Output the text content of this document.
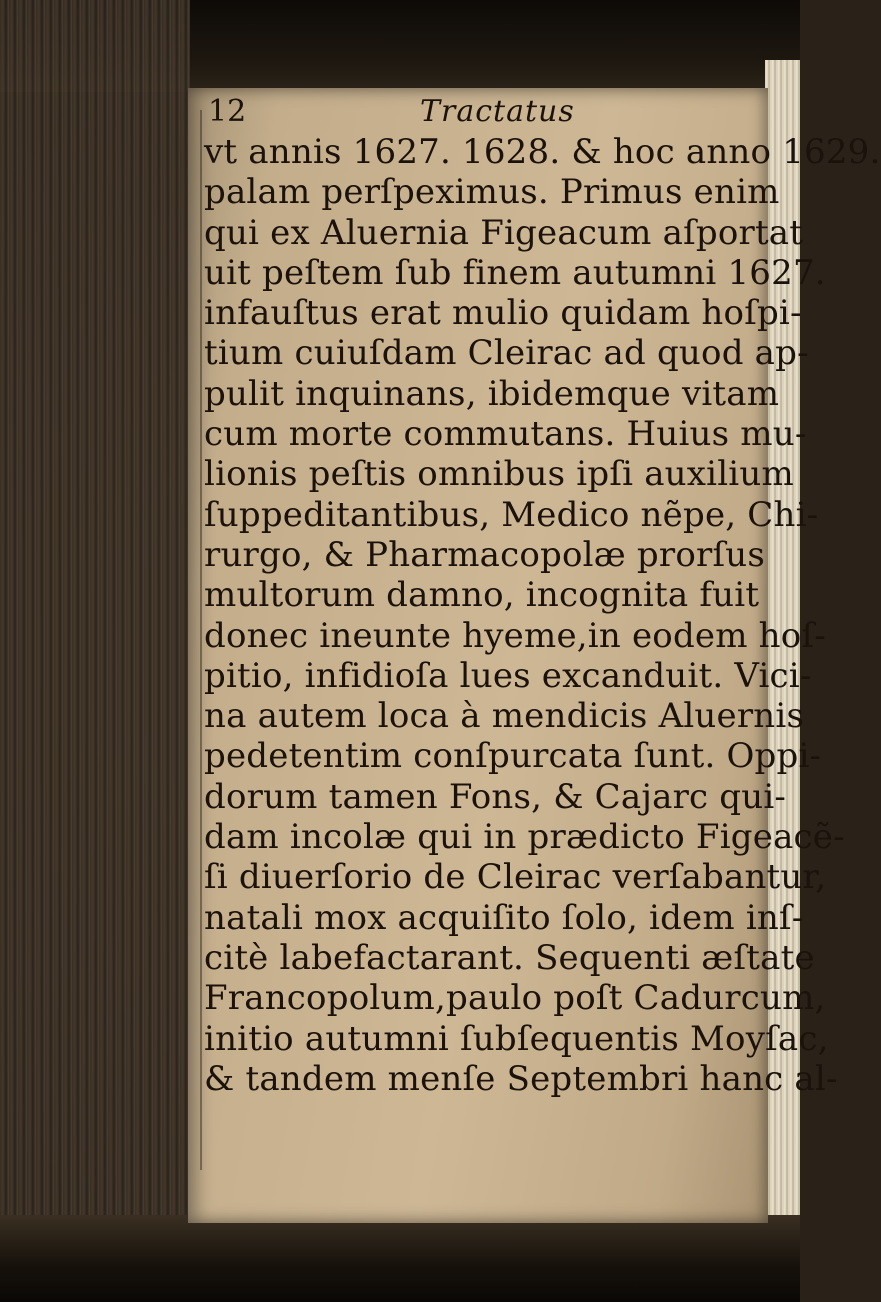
12	Tractatus
vt annis 1627. 1628. & hoc anno 1629.
palam perſpeximus. Primus enim
qui ex Aluernia Figeacum aſportat
uit peſtem ſub finem autumni 1627.
infauſtus erat mulio quidam hoſpi-
tium cuiuſdam Cleirac ad quod ap-
pulit inquinans, ibidemque vitam
cum morte commutans. Huius mu-
lionis peſtis omnibus ipſi auxilium
ſuppeditantibus, Medico nẽpe, Chi-
rurgo, & Pharmacopolæ prorſus
multorum damno, incognita fuit
donec ineunte hyeme,in eodem hoſ-
pitio, infidioſa lues excanduit. Vici-
na autem loca à mendicis Aluernis
pedetentim conſpurcata ſunt. Oppi-
dorum tamen Fons, & Cajarc qui-
dam incolæ qui in prædicto Figeacẽ-
ſi diuerſorio de Cleirac verſabantur,
natali mox acquiſito ſolo, idem inſ-
citè labefactarant. Sequenti æſtate
Francopolum,paulo poſt Cadurcum,
initio autumni ſubſequentis Moyſac,
& tandem menſe Septembri hanc al-
